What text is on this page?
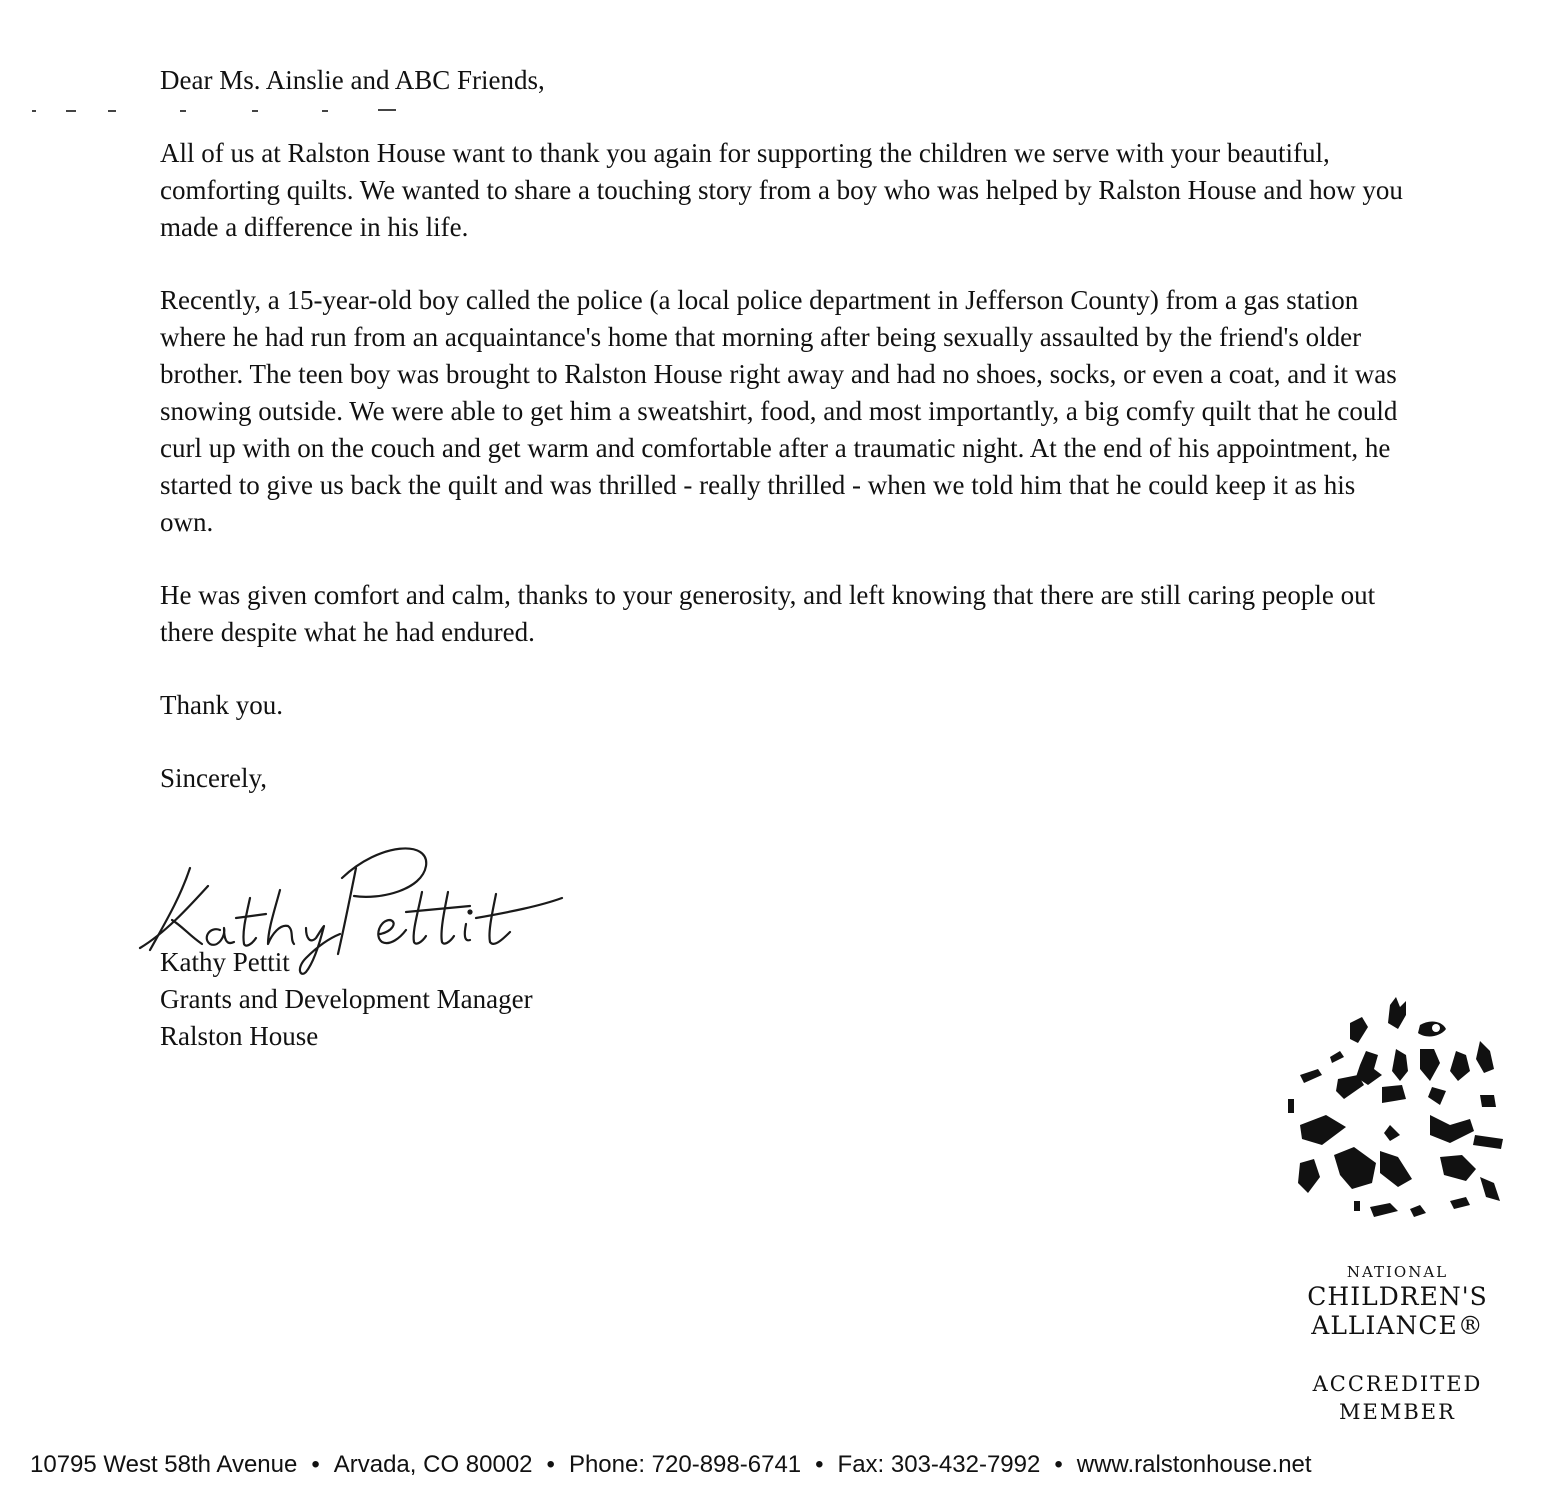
Dear Ms. Ainslie and ABC Friends,

All of us at Ralston House want to thank you again for supporting the children we serve with your beautiful, comforting quilts. We wanted to share a touching story from a boy who was helped by Ralston House and how you made a difference in his life.

Recently, a 15-year-old boy called the police (a local police department in Jefferson County) from a gas station where he had run from an acquaintance's home that morning after being sexually assaulted by the friend's older brother. The teen boy was brought to Ralston House right away and had no shoes, socks, or even a coat, and it was snowing outside. We were able to get him a sweatshirt, food, and most importantly, a big comfy quilt that he could curl up with on the couch and get warm and comfortable after a traumatic night. At the end of his appointment, he started to give us back the quilt and was thrilled - really thrilled - when we told him that he could keep it as his own.

He was given comfort and calm, thanks to your generosity, and left knowing that there are still caring people out there despite what he had endured.

Thank you.

Sincerely,

Kathy Pettit
Grants and Development Manager
Ralston House
NATIONAL
CHILDREN'S
ALLIANCE®
ACCREDITED
MEMBER
10795 West 58th Avenue • Arvada, CO 80002 • Phone: 720-898-6741 • Fax: 303-432-7992 • www.ralstonhouse.net
